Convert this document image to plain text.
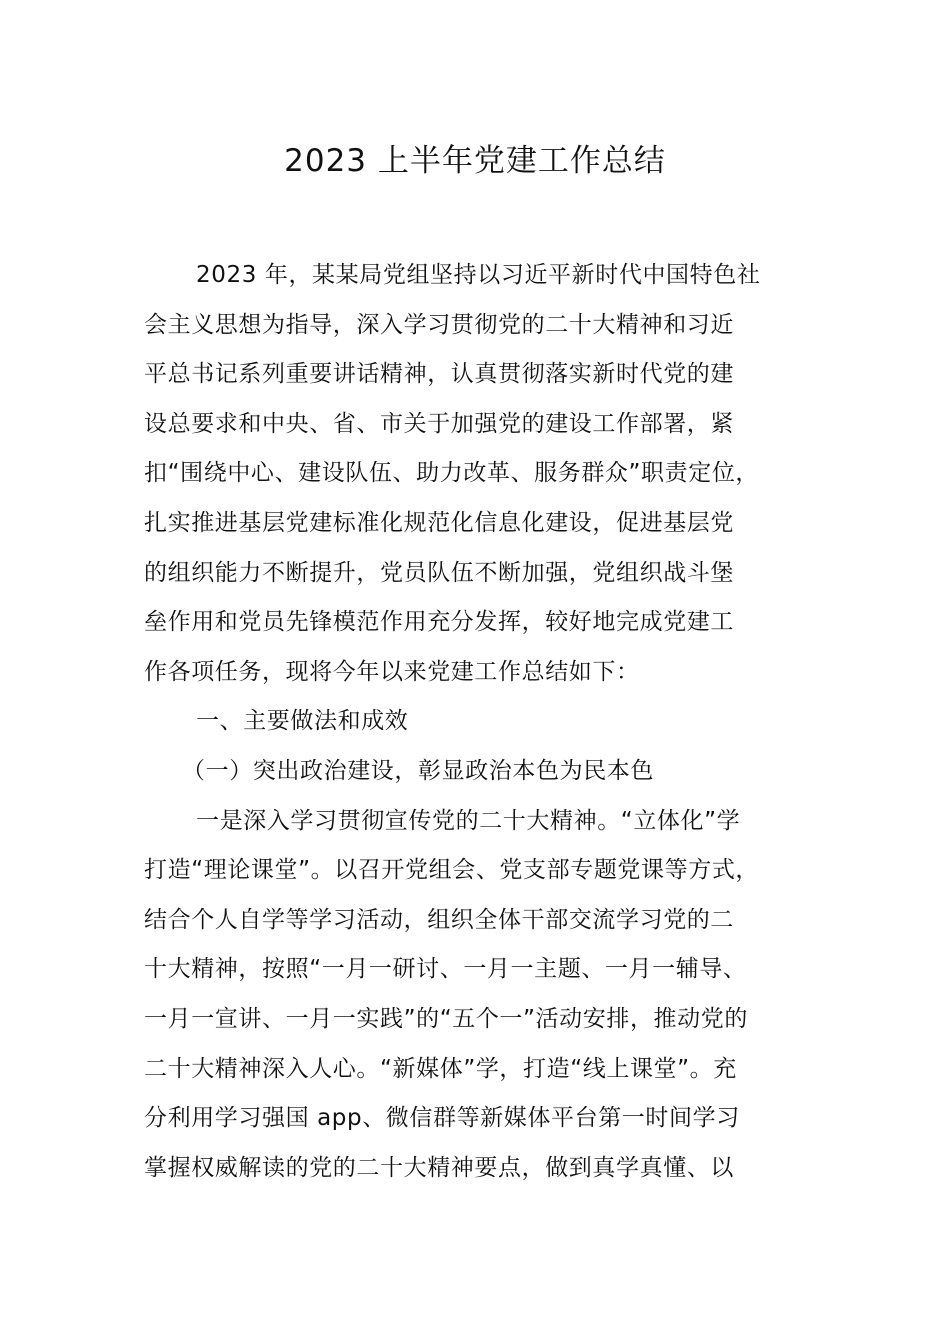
2023 上半年党建工作总结
2023 年，某某局党组坚持以习近平新时代中国特色社
会主义思想为指导，深入学习贯彻党的二十大精神和习近
平总书记系列重要讲话精神，认真贯彻落实新时代党的建
设总要求和中央、省、市关于加强党的建设工作部署，紧
扣“围绕中心、建设队伍、助力改革、服务群众”职责定位，
扎实推进基层党建标准化规范化信息化建设，促进基层党
的组织能力不断提升，党员队伍不断加强，党组织战斗堡
垒作用和党员先锋模范作用充分发挥，较好地完成党建工
作各项任务，现将今年以来党建工作总结如下：
一、主要做法和成效
（一）突出政治建设，彰显政治本色为民本色
一是深入学习贯彻宣传党的二十大精神。“立体化”学
打造“理论课堂”。以召开党组会、党支部专题党课等方式，
结合个人自学等学习活动，组织全体干部交流学习党的二
十大精神，按照“一月一研讨、一月一主题、一月一辅导、
一月一宣讲、一月一实践”的“五个一”活动安排，推动党的
二十大精神深入人心。“新媒体”学，打造“线上课堂”。充
分利用学习强国 app、微信群等新媒体平台第一时间学习
掌握权威解读的党的二十大精神要点，做到真学真懂、以
